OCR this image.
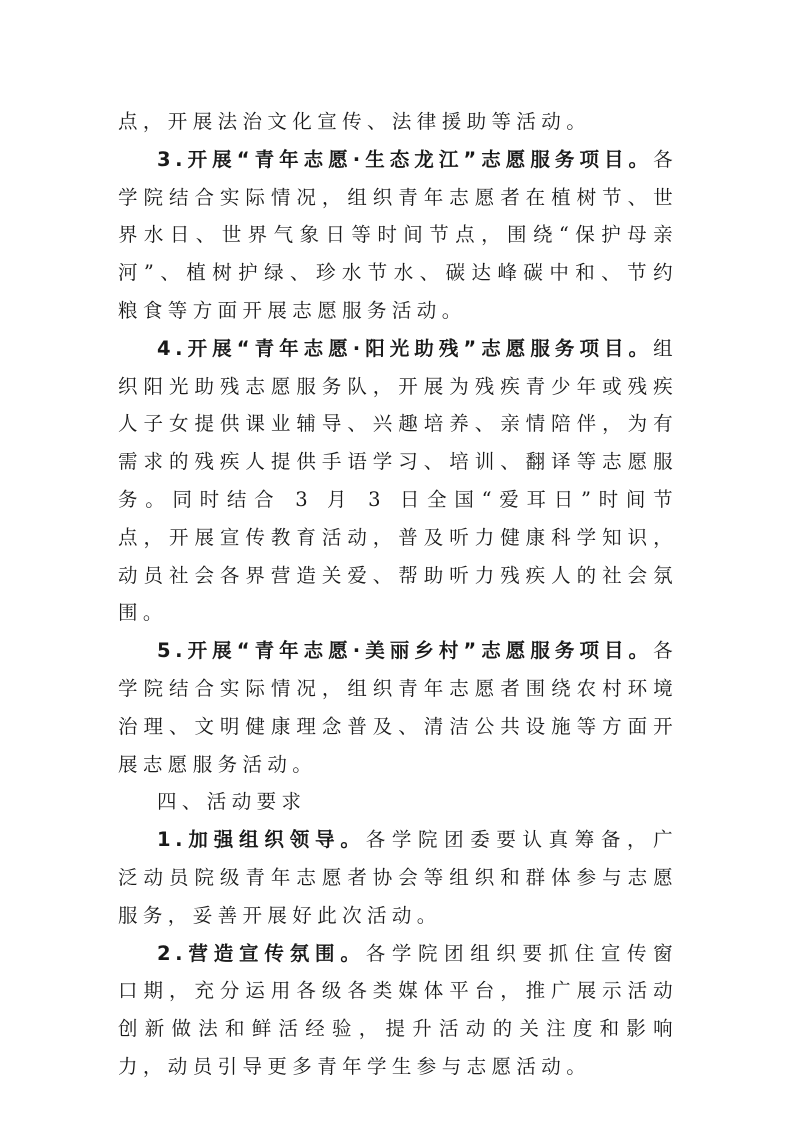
点，开展法治文化宣传、法律援助等活动。

3.开展“青年志愿·生态龙江”志愿服务项目。各学院结合实际情况，组织青年志愿者在植树节、世界水日、世界气象日等时间节点，围绕“保护母亲河”、植树护绿、珍水节水、碳达峰碳中和、节约粮食等方面开展志愿服务活动。

4.开展“青年志愿·阳光助残”志愿服务项目。组织阳光助残志愿服务队，开展为残疾青少年或残疾人子女提供课业辅导、兴趣培养、亲情陪伴，为有需求的残疾人提供手语学习、培训、翻译等志愿服务。同时结合 3 月 3 日全国“爱耳日”时间节点，开展宣传教育活动，普及听力健康科学知识，动员社会各界营造关爱、帮助听力残疾人的社会氛围。

5.开展“青年志愿·美丽乡村”志愿服务项目。各学院结合实际情况，组织青年志愿者围绕农村环境治理、文明健康理念普及、清洁公共设施等方面开展志愿服务活动。

四、活动要求

1.加强组织领导。各学院团委要认真筹备，广泛动员院级青年志愿者协会等组织和群体参与志愿服务，妥善开展好此次活动。

2.营造宣传氛围。各学院团组织要抓住宣传窗口期，充分运用各级各类媒体平台，推广展示活动创新做法和鲜活经验，提升活动的关注度和影响力，动员引导更多青年学生参与志愿活动。
